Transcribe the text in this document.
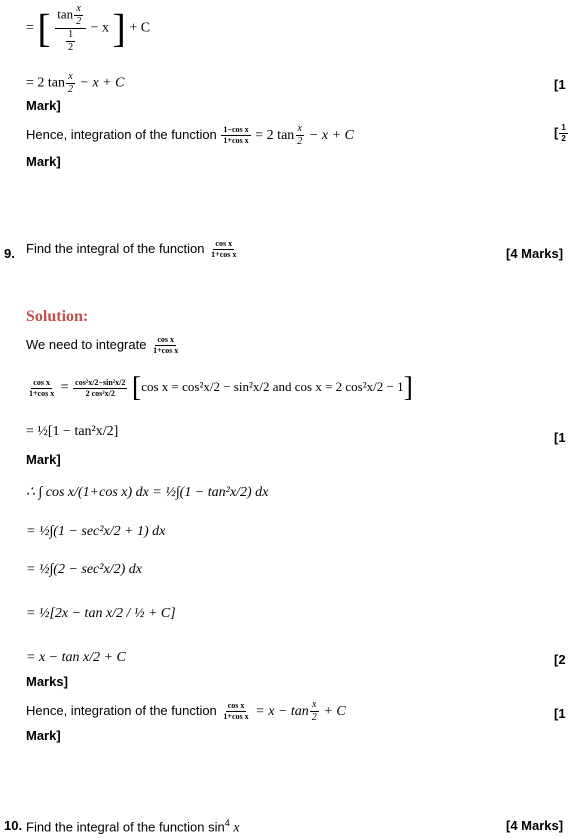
= [ $\frac{\tan \frac{x}{2}}{\frac{1}{2}} - x$ ] + C
= 2 $\tan \frac{x}{2} - x + C$	[1
Mark]
Hence, integration of the function $\frac{\text{1−cos x}}{\text{1+cos x}} = 2$ $\tan \frac{x}{2} - x + C$	[ $\frac{1}{2}$
Mark]
9. Find the integral of the function $\frac{\text{cos x}}{\text{1+cos x}}$	[4 Marks]
Solution:
We need to integrate $\frac{\text{cos x}}{\text{1+cos x}}$
$\frac{\text{cos x}}{\text{1+cos x}} = \frac{\text{cos²x/2−sin²x/2}}{\text{2 cos²x/2}} [\cos$ x = cos²x/2 − sin²x/2 and cos x = 2 cos²x/2 − 1]
= ½[1 − tan²x/2]	[1
Mark]
∴ ∫ cos x/(1+cos x) dx = ½∫(1 − tan²x/2) dx
= ½∫(1 − sec²x/2 + 1) dx
= ½∫(2 − sec²x/2) dx
= ½[2x − tan x/2 / ½ + C]
= x − tan x/2 + C	[2
Marks]
Hence, integration of the function $\frac{\text{cos x}}{\text{1+cos x}} = x - \tan \frac{x}{2} + C$	[1
Mark]
10. Find the integral of the function $\sin^4 x$	[4 Marks]
